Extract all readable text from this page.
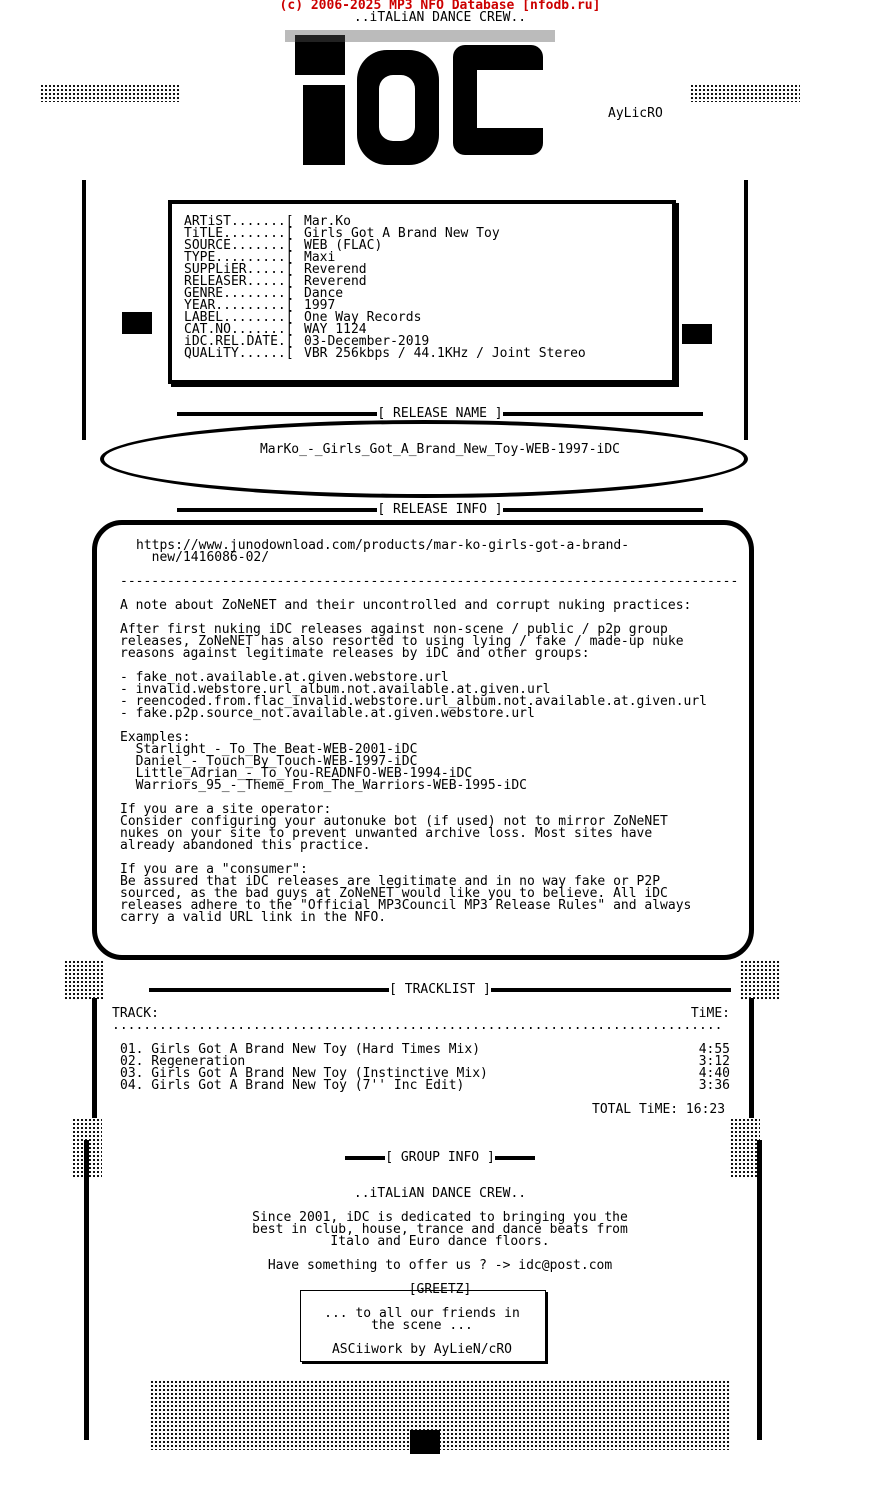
(c) 2006-2025 MP3 NFO Database [nfodb.ru]
..iTALiAN DANCE CREW..
iDC
AyLicRO
ARTiST.......[ Mar.Ko
TiTLE........[ Girls Got A Brand New Toy
SOURCE.......[ WEB (FLAC)
TYPE.........[ Maxi
SUPPLiER.....[ Reverend
RELEASER.....[ Reverend
GENRE........[ Dance
YEAR.........[ 1997
LABEL........[ One Way Records
CAT.NO.......[ WAY 1124
iDC.REL.DATE.[ 03-December-2019
QUALiTY......[ VBR 256kbps / 44.1KHz / Joint Stereo
[ RELEASE NAME ]
MarKo_-_Girls_Got_A_Brand_New_Toy-WEB-1997-iDC
[ RELEASE INFO ]
https://www.junodownload.com/products/mar-ko-girls-got-a-brand-
new/1416086-02/
-------------------------------------------------------------------------------
A note about ZoNeNET and their uncontrolled and corrupt nuking practices:
After first nuking iDC releases against non-scene / public / p2p group
releases, ZoNeNET has also resorted to using lying / fake / made-up nuke
reasons against legitimate releases by iDC and other groups:
- fake_not.available.at.given.webstore.url
- invalid.webstore.url_album.not.available.at.given.url
- reencoded.from.flac_invalid.webstore.url_album.not.available.at.given.url
- fake.p2p.source_not.available.at.given.webstore.url
Examples:
Starlight_-_To_The_Beat-WEB-2001-iDC
Daniel_-_Touch_By_Touch-WEB-1997-iDC
Little_Adrian_-_To_You-READNFO-WEB-1994-iDC
Warriors_95_-_Theme_From_The_Warriors-WEB-1995-iDC
If you are a site operator:
Consider configuring your autonuke bot (if used) not to mirror ZoNeNET
nukes on your site to prevent unwanted archive loss. Most sites have
already abandoned this practice.
If you are a "consumer":
Be assured that iDC releases are legitimate and in no way fake or P2P
sourced, as the bad guys at ZoNeNET would like you to believe. All iDC
releases adhere to the "Official MP3Council MP3 Release Rules" and always
carry a valid URL link in the NFO.
[ TRACKLIST ]
TRACK:	TiME:
..............................................................................
01. Girls Got A Brand New Toy (Hard Times Mix)	4:55
02. Regeneration	3:12
03. Girls Got A Brand New Toy (Instinctive Mix)	4:40
04. Girls Got A Brand New Toy (7'' Inc Edit)	3:36
TOTAL TiME: 16:23
[ GROUP INFO ]
..iTALiAN DANCE CREW..
Since 2001, iDC is dedicated to bringing you the
best in club, house, trance and dance beats from
Italo and Euro dance floors.
Have something to offer us ? -> idc@post.com
[GREETZ]
... to all our friends in
the scene ...
ASCiiwork by AyLieN/cRO
